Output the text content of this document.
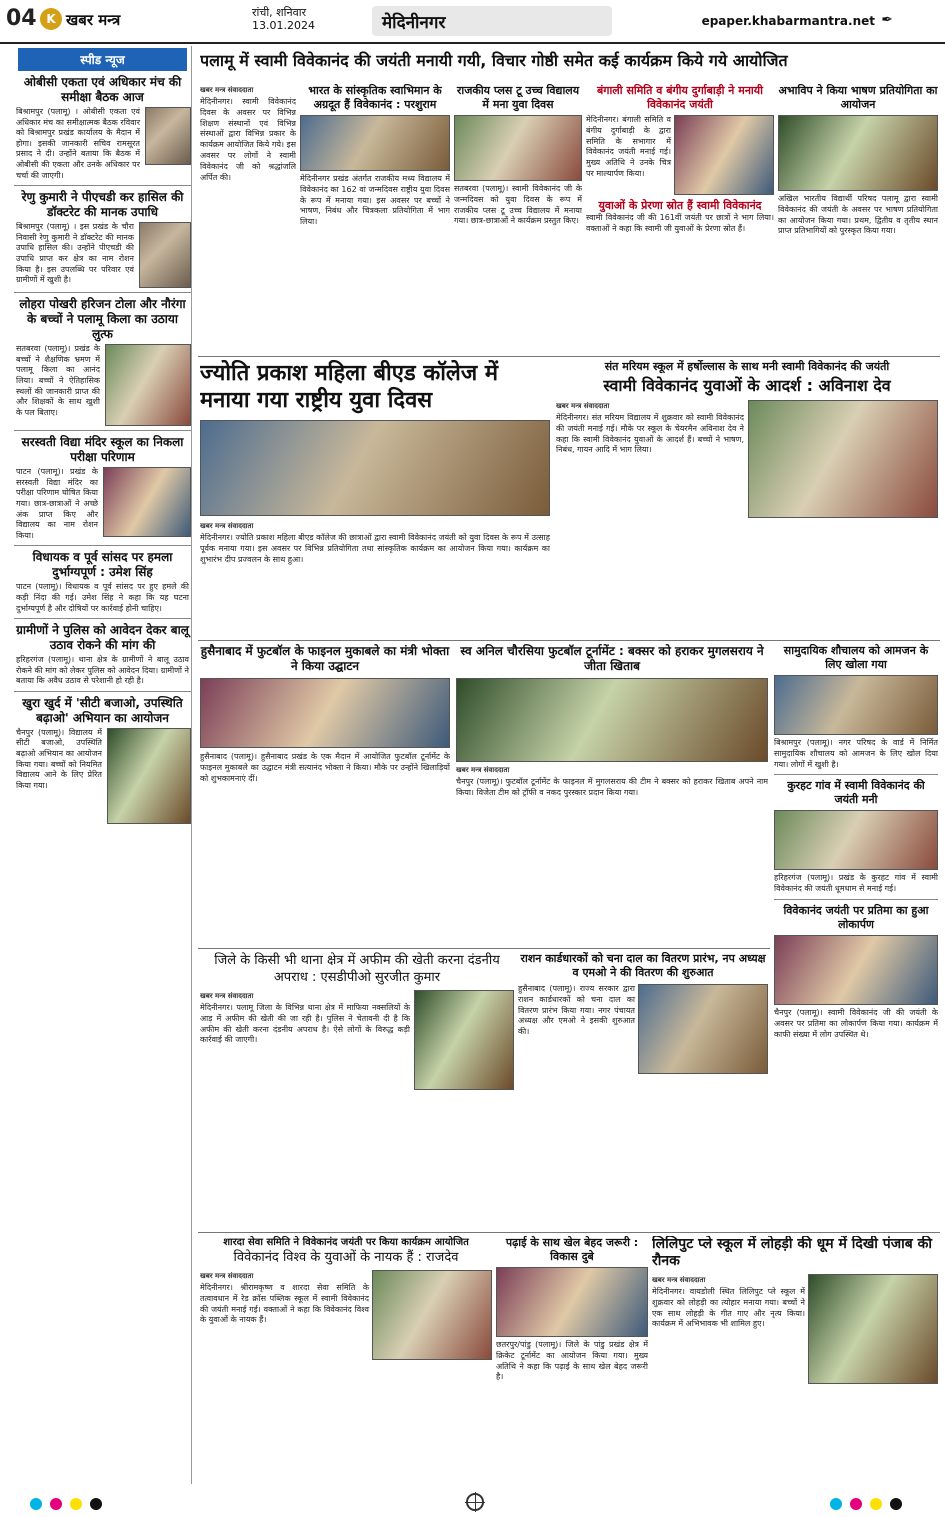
04 K खबर मन्त्र	रांची, शनिवार
13.01.2024	मेदिनीनगर	epaper.khabarmantra.net ✒
स्पीड न्यूज
ओबीसी एकता एवं अधिकार मंच की समीक्षा बैठक आज
बिश्रामपुर (पलामू) । ओबीसी एकता एवं अधिकार मंच का समीक्षात्मक बैठक रविवार को बिश्रामपुर प्रखंड कार्यालय के मैदान में होगा। इसकी जानकारी सचिव रामसूरत प्रसाद ने दी। उन्होंने बताया कि बैठक में ओबीसी की एकता और उनके अधिकार पर चर्चा की जाएगी।
रेणु कुमारी ने पीएचडी कर हासिल की डॉक्टरेट की मानक उपाधि
बिश्रामपुर (पलामू) । इस प्रखंड के चौरा निवासी रेणु कुमारी ने डॉक्टरेट की मानक उपाधि हासिल की। उन्होंने पीएचडी की उपाधि प्राप्त कर क्षेत्र का नाम रोशन किया है। इस उपलब्धि पर परिवार एवं ग्रामीणों में खुशी है।
लोहरा पोखरी हरिजन टोला और नौरंगा के बच्चों ने पलामू किला का उठाया लुत्फ
सतबरवा (पलामू)। प्रखंड के बच्चों ने शैक्षणिक भ्रमण में पलामू किला का आनंद लिया। बच्चों ने ऐतिहासिक स्थलों की जानकारी प्राप्त की और शिक्षकों के साथ खुशी के पल बिताए।
सरस्वती विद्या मंदिर स्कूल का निकला परीक्षा परिणाम
पाटन (पलामू)। प्रखंड के सरस्वती विद्या मंदिर का परीक्षा परिणाम घोषित किया गया। छात्र-छात्राओं ने अच्छे अंक प्राप्त किए और विद्यालय का नाम रोशन किया।
विधायक व पूर्व सांसद पर हमला दुर्भाग्यपूर्ण : उमेश सिंह
पाटन (पलामू)। विधायक व पूर्व सांसद पर हुए हमले की कड़ी निंदा की गई। उमेश सिंह ने कहा कि यह घटना दुर्भाग्यपूर्ण है और दोषियों पर कार्रवाई होनी चाहिए।
ग्रामीणों ने पुलिस को आवेदन देकर बालू उठाव रोकने की मांग की
हरिहरगंज (पलामू)। थाना क्षेत्र के ग्रामीणों ने बालू उठाव रोकने की मांग को लेकर पुलिस को आवेदन दिया। ग्रामीणों ने बताया कि अवैध उठाव से परेशानी हो रही है।
खुरा खुर्द में 'सीटी बजाओ, उपस्थिति बढ़ाओ' अभियान का आयोजन
चैनपुर (पलामू)। विद्यालय में सीटी बजाओ, उपस्थिति बढ़ाओ अभियान का आयोजन किया गया। बच्चों को नियमित विद्यालय आने के लिए प्रेरित किया गया।
पलामू में स्वामी विवेकानंद की जयंती मनायी गयी, विचार गोष्ठी समेत कई कार्यक्रम किये गये आयोजित
खबर मन्त्र संवाददाता
मेदिनीनगर। स्वामी विवेकानंद दिवस के अवसर पर विभिन्न शिक्षण संस्थानों एवं विभिन्न संस्थाओं द्वारा विभिन्न प्रकार के कार्यक्रम आयोजित किये गये। इस अवसर पर लोगों ने स्वामी विवेकानंद जी को श्रद्धांजलि अर्पित की।
भारत के सांस्कृतिक स्वाभिमान के अग्रदूत हैं विवेकानंद : परशुराम
मेदिनीनगर प्रखंड अंतर्गत राजकीय मध्य विद्यालय में विवेकानंद का 162 वां जन्मदिवस राष्ट्रीय युवा दिवस के रूप में मनाया गया। इस अवसर पर बच्चों ने भाषण, निबंध और चित्रकला प्रतियोगिता में भाग लिया।
राजकीय प्लस टू उच्च विद्यालय में मना युवा दिवस
सतबरवा (पलामू)। स्वामी विवेकानंद जी के जन्मदिवस को युवा दिवस के रूप में राजकीय प्लस टू उच्च विद्यालय में मनाया गया। छात्र-छात्राओं ने कार्यक्रम प्रस्तुत किए।
बंगाली समिति व बंगीय दुर्गाबाड़ी ने मनायी विवेकानंद जयंती
मेदिनीनगर। बंगाली समिति व बंगीय दुर्गाबाड़ी के द्वारा समिति के सभागार में विवेकानंद जयंती मनाई गई। मुख्य अतिथि ने उनके चित्र पर माल्यार्पण किया।
युवाओं के प्रेरणा स्रोत हैं स्वामी विवेकानंद
स्वामी विवेकानंद जी की 161वीं जयंती पर छात्रों ने भाग लिया। वक्ताओं ने कहा कि स्वामी जी युवाओं के प्रेरणा स्रोत हैं।
अभाविप ने किया भाषण प्रतियोगिता का आयोजन
अखिल भारतीय विद्यार्थी परिषद पलामू द्वारा स्वामी विवेकानंद की जयंती के अवसर पर भाषण प्रतियोगिता का आयोजन किया गया। प्रथम, द्वितीय व तृतीय स्थान प्राप्त प्रतिभागियों को पुरस्कृत किया गया।
ज्योति प्रकाश महिला बीएड कॉलेज में मनाया गया राष्ट्रीय युवा दिवस
खबर मन्त्र संवाददाता
मेदिनीनगर। ज्योति प्रकाश महिला बीएड कॉलेज की छात्राओं द्वारा स्वामी विवेकानंद जयंती को युवा दिवस के रूप में उत्साह पूर्वक मनाया गया। इस अवसर पर विभिन्न प्रतियोगिता तथा सांस्कृतिक कार्यक्रम का आयोजन किया गया। कार्यक्रम का शुभारंभ दीप प्रज्वलन के साथ हुआ।
संत मरियम स्कूल में हर्षोल्लास के साथ मनी स्वामी विवेकानंद की जयंती
स्वामी विवेकानंद युवाओं के आदर्श : अविनाश देव
खबर मन्त्र संवाददाता
मेदिनीनगर। संत मरियम विद्यालय में शुक्रवार को स्वामी विवेकानंद की जयंती मनाई गई। मौके पर स्कूल के चेयरमैन अविनाश देव ने कहा कि स्वामी विवेकानंद युवाओं के आदर्श हैं। बच्चों ने भाषण, निबंध, गायन आदि में भाग लिया।
हुसैनाबाद में फुटबॉल के फाइनल मुकाबले का मंत्री भोक्ता ने किया उद्घाटन
हुसैनाबाद (पलामू)। हुसैनाबाद प्रखंड के एक मैदान में आयोजित फुटबॉल टूर्नामेंट के फाइनल मुकाबले का उद्घाटन मंत्री सत्यानंद भोक्ता ने किया। मौके पर उन्होंने खिलाड़ियों को शुभकामनाएं दीं।
स्व अनिल चौरसिया फुटबॉल टूर्नामेंट : बक्सर को हराकर मुगलसराय ने जीता खिताब
खबर मन्त्र संवाददाता
चैनपुर (पलामू)। फुटबॉल टूर्नामेंट के फाइनल में मुगलसराय की टीम ने बक्सर को हराकर खिताब अपने नाम किया। विजेता टीम को ट्रॉफी व नकद पुरस्कार प्रदान किया गया।
सामुदायिक शौचालय को आमजन के लिए खोला गया
बिश्रामपुर (पलामू)। नगर परिषद के वार्ड में निर्मित सामुदायिक शौचालय को आमजन के लिए खोल दिया गया। लोगों में खुशी है।
कुरहट गांव में स्वामी विवेकानंद की जयंती मनी
हरिहरगंज (पलामू)। प्रखंड के कुरहट गांव में स्वामी विवेकानंद की जयंती धूमधाम से मनाई गई।
विवेकानंद जयंती पर प्रतिमा का हुआ लोकार्पण
चैनपुर (पलामू)। स्वामी विवेकानंद जी की जयंती के अवसर पर प्रतिमा का लोकार्पण किया गया। कार्यक्रम में काफी संख्या में लोग उपस्थित थे।
जिले के किसी भी थाना क्षेत्र में अफीम की खेती करना दंडनीय अपराध : एसडीपीओ सुरजीत कुमार
खबर मन्त्र संवाददाता
मेदिनीनगर। पलामू जिला के विभिन्न थाना क्षेत्र में माफिया नक्सलियों के आड़ में अफीम की खेती की जा रही है। पुलिस ने चेतावनी दी है कि अफीम की खेती करना दंडनीय अपराध है। ऐसे लोगों के विरुद्ध कड़ी कार्रवाई की जाएगी।
राशन कार्डधारकों को चना दाल का वितरण प्रारंभ, नप अध्यक्ष व एमओ ने की वितरण की शुरुआत
हुसैनाबाद (पलामू)। राज्य सरकार द्वारा राशन कार्डधारकों को चना दाल का वितरण प्रारंभ किया गया। नगर पंचायत अध्यक्ष और एमओ ने इसकी शुरुआत की।
शारदा सेवा समिति ने विवेकानंद जयंती पर किया कार्यक्रम आयोजित
विवेकानंद विश्व के युवाओं के नायक हैं : राजदेव
खबर मन्त्र संवाददाता
मेदिनीनगर। श्रीरामकृष्ण व शारदा सेवा समिति के तत्वावधान में रेड क्रॉस पब्लिक स्कूल में स्वामी विवेकानंद की जयंती मनाई गई। वक्ताओं ने कहा कि विवेकानंद विश्व के युवाओं के नायक हैं।
पढ़ाई के साथ खेल बेहद जरूरी : विकास दुबे
छतरपुर/पांडु (पलामू)। जिले के पांडु प्रखंड क्षेत्र में क्रिकेट टूर्नामेंट का आयोजन किया गया। मुख्य अतिथि ने कहा कि पढ़ाई के साथ खेल बेहद जरूरी है।
लिलिपुट प्ले स्कूल में लोहड़ी की धूम में दिखी पंजाब की रौनक
खबर मन्त्र संवाददाता
मेदिनीनगर। वायडोली स्थित लिलिपुट प्ले स्कूल में शुक्रवार को लोहड़ी का त्योहार मनाया गया। बच्चों ने एक साथ लोहड़ी के गीत गाए और नृत्य किया। कार्यक्रम में अभिभावक भी शामिल हुए।
